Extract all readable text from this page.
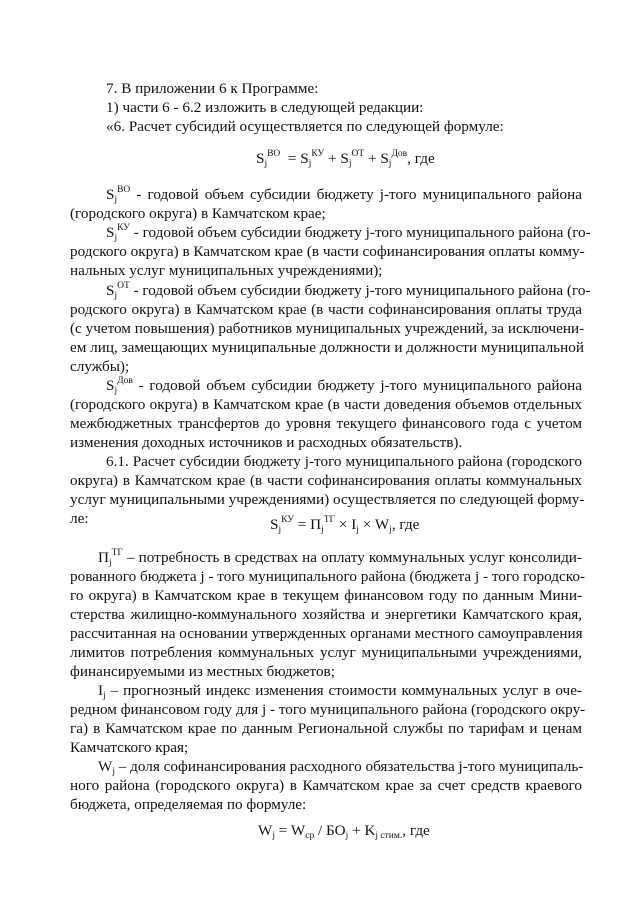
7. В приложении 6 к Программе:
1) части 6 - 6.2 изложить в следующей редакции:
«6. Расчет субсидий осуществляется по следующей формуле:
$S_j^{ВО} = S_j^{КУ} + S_j^{ОТ} + S_j^{Дов}$, где
$S_j^{ВО}$ - годовой объем субсидии бюджету j-того муниципального района
(городского округа) в Камчатском крае;
$S_j^{КУ}$ - годовой объем субсидии бюджету j-того муниципального района (го-
родского округа) в Камчатском крае (в части софинансирования оплаты комму-
нальных услуг муниципальных учреждениями);
$S_j^{ОТ}$ - годовой объем субсидии бюджету j-того муниципального района (го-
родского округа) в Камчатском крае (в части софинансирования оплаты труда
(с учетом повышения) работников муниципальных учреждений, за исключени-
ем лиц, замещающих муниципальные должности и должности муниципальной
службы);
$S_j^{Дов}$ - годовой объем субсидии бюджету j-того муниципального района
(городского округа) в Камчатском крае (в части доведения объемов отдельных
межбюджетных трансфертов до уровня текущего финансового года с учетом
изменения доходных источников и расходных обязательств).
6.1. Расчет субсидии бюджету j-того муниципального района (городского
округа) в Камчатском крае (в части софинансирования оплаты коммунальных
услуг муниципальными учреждениями) осуществляется по следующей форму-
ле:	$S_j^{КУ} = П_j^{ТГ} \times I_j \times W_j$, где
$П_j^{ТГ}$ – потребность в средствах на оплату коммунальных услуг консолиди-
рованного бюджета j - того муниципального района (бюджета j - того городско-
го округа) в Камчатском крае в текущем финансовом году по данным Мини-
стерства жилищно-коммунального хозяйства и энергетики Камчатского края,
рассчитанная на основании утвержденных органами местного самоуправления
лимитов потребления коммунальных услуг муниципальными учреждениями,
финансируемыми из местных бюджетов;
$I_j$ – прогнозный индекс изменения стоимости коммунальных услуг в оче-
редном финансовом году для j - того муниципального района (городского окру-
га) в Камчатском крае по данным Региональной службы по тарифам и ценам
Камчатского края;
$W_j$ – доля софинансирования расходного обязательства j-того муниципаль-
ного района (городского округа) в Камчатском крае за счет средств краевого
бюджета, определяемая по формуле:
$W_j = W_{ср} / БО_j + K_{j стим.}$, где
